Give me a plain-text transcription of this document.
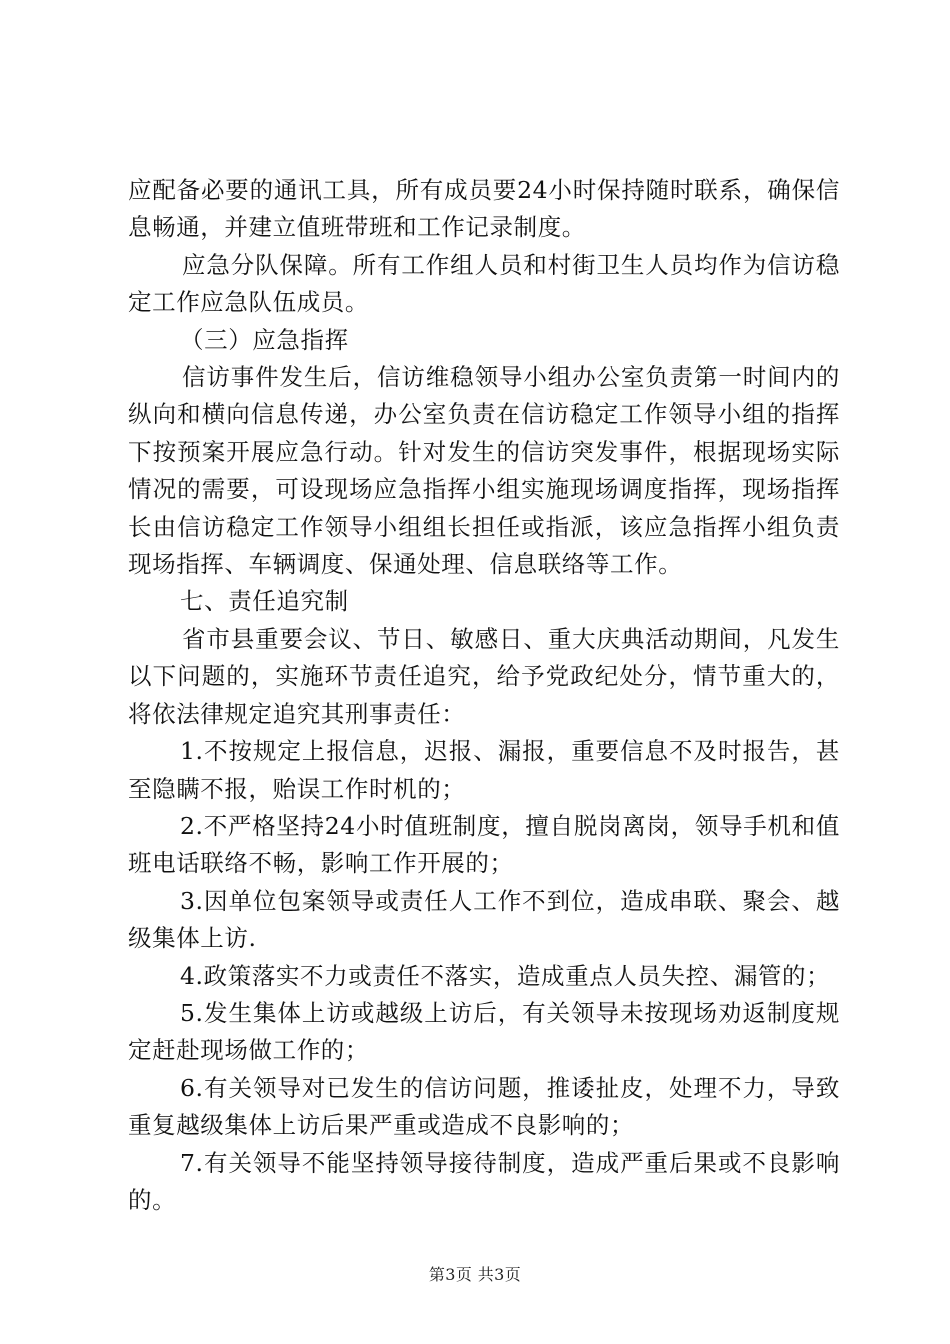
应配备必要的通讯工具，所有成员要24小时保持随时联系，确保信息畅通，并建立值班带班和工作记录制度。

应急分队保障。所有工作组人员和村街卫生人员均作为信访稳定工作应急队伍成员。

（三）应急指挥

信访事件发生后，信访维稳领导小组办公室负责第一时间内的纵向和横向信息传递，办公室负责在信访稳定工作领导小组的指挥下按预案开展应急行动。针对发生的信访突发事件，根据现场实际情况的需要，可设现场应急指挥小组实施现场调度指挥，现场指挥长由信访稳定工作领导小组组长担任或指派，该应急指挥小组负责现场指挥、车辆调度、保通处理、信息联络等工作。

七、责任追究制

省市县重要会议、节日、敏感日、重大庆典活动期间，凡发生以下问题的，实施环节责任追究，给予党政纪处分，情节重大的，将依法律规定追究其刑事责任：

1.不按规定上报信息，迟报、漏报，重要信息不及时报告，甚至隐瞒不报，贻误工作时机的；

2.不严格坚持24小时值班制度，擅自脱岗离岗，领导手机和值班电话联络不畅，影响工作开展的；

3.因单位包案领导或责任人工作不到位，造成串联、聚会、越级集体上访.

4.政策落实不力或责任不落实，造成重点人员失控、漏管的；

5.发生集体上访或越级上访后，有关领导未按现场劝返制度规定赶赴现场做工作的；

6.有关领导对已发生的信访问题，推诿扯皮，处理不力，导致重复越级集体上访后果严重或造成不良影响的；

7.有关领导不能坚持领导接待制度，造成严重后果或不良影响的。

第3页 共3页
